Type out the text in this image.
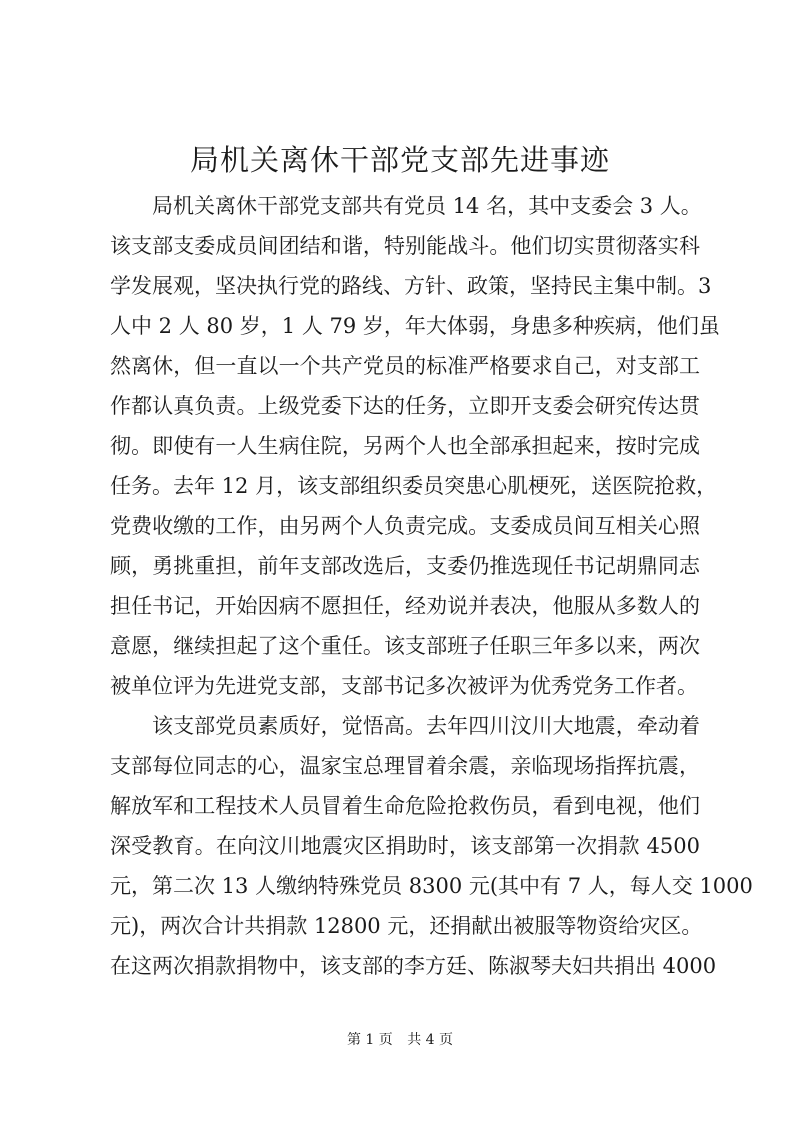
局机关离休干部党支部先进事迹
局机关离休干部党支部共有党员 14 名，其中支委会 3 人。
该支部支委成员间团结和谐，特别能战斗。他们切实贯彻落实科
学发展观，坚决执行党的路线、方针、政策，坚持民主集中制。3
人中 2 人 80 岁，1 人 79 岁，年大体弱，身患多种疾病，他们虽
然离休，但一直以一个共产党员的标准严格要求自己，对支部工
作都认真负责。上级党委下达的任务，立即开支委会研究传达贯
彻。即使有一人生病住院，另两个人也全部承担起来，按时完成
任务。去年 12 月，该支部组织委员突患心肌梗死，送医院抢救，
党费收缴的工作，由另两个人负责完成。支委成员间互相关心照
顾，勇挑重担，前年支部改选后，支委仍推选现任书记胡鼎同志
担任书记，开始因病不愿担任，经劝说并表决，他服从多数人的
意愿，继续担起了这个重任。该支部班子任职三年多以来，两次
被单位评为先进党支部，支部书记多次被评为优秀党务工作者。
该支部党员素质好，觉悟高。去年四川汶川大地震，牵动着
支部每位同志的心，温家宝总理冒着余震，亲临现场指挥抗震，
解放军和工程技术人员冒着生命危险抢救伤员，看到电视，他们
深受教育。在向汶川地震灾区捐助时，该支部第一次捐款 4500
元，第二次 13 人缴纳特殊党员 8300 元(其中有 7 人，每人交 1000
元)，两次合计共捐款 12800 元，还捐献出被服等物资给灾区。
在这两次捐款捐物中，该支部的李方廷、陈淑琴夫妇共捐出 4000
第 1 页 共 4 页
